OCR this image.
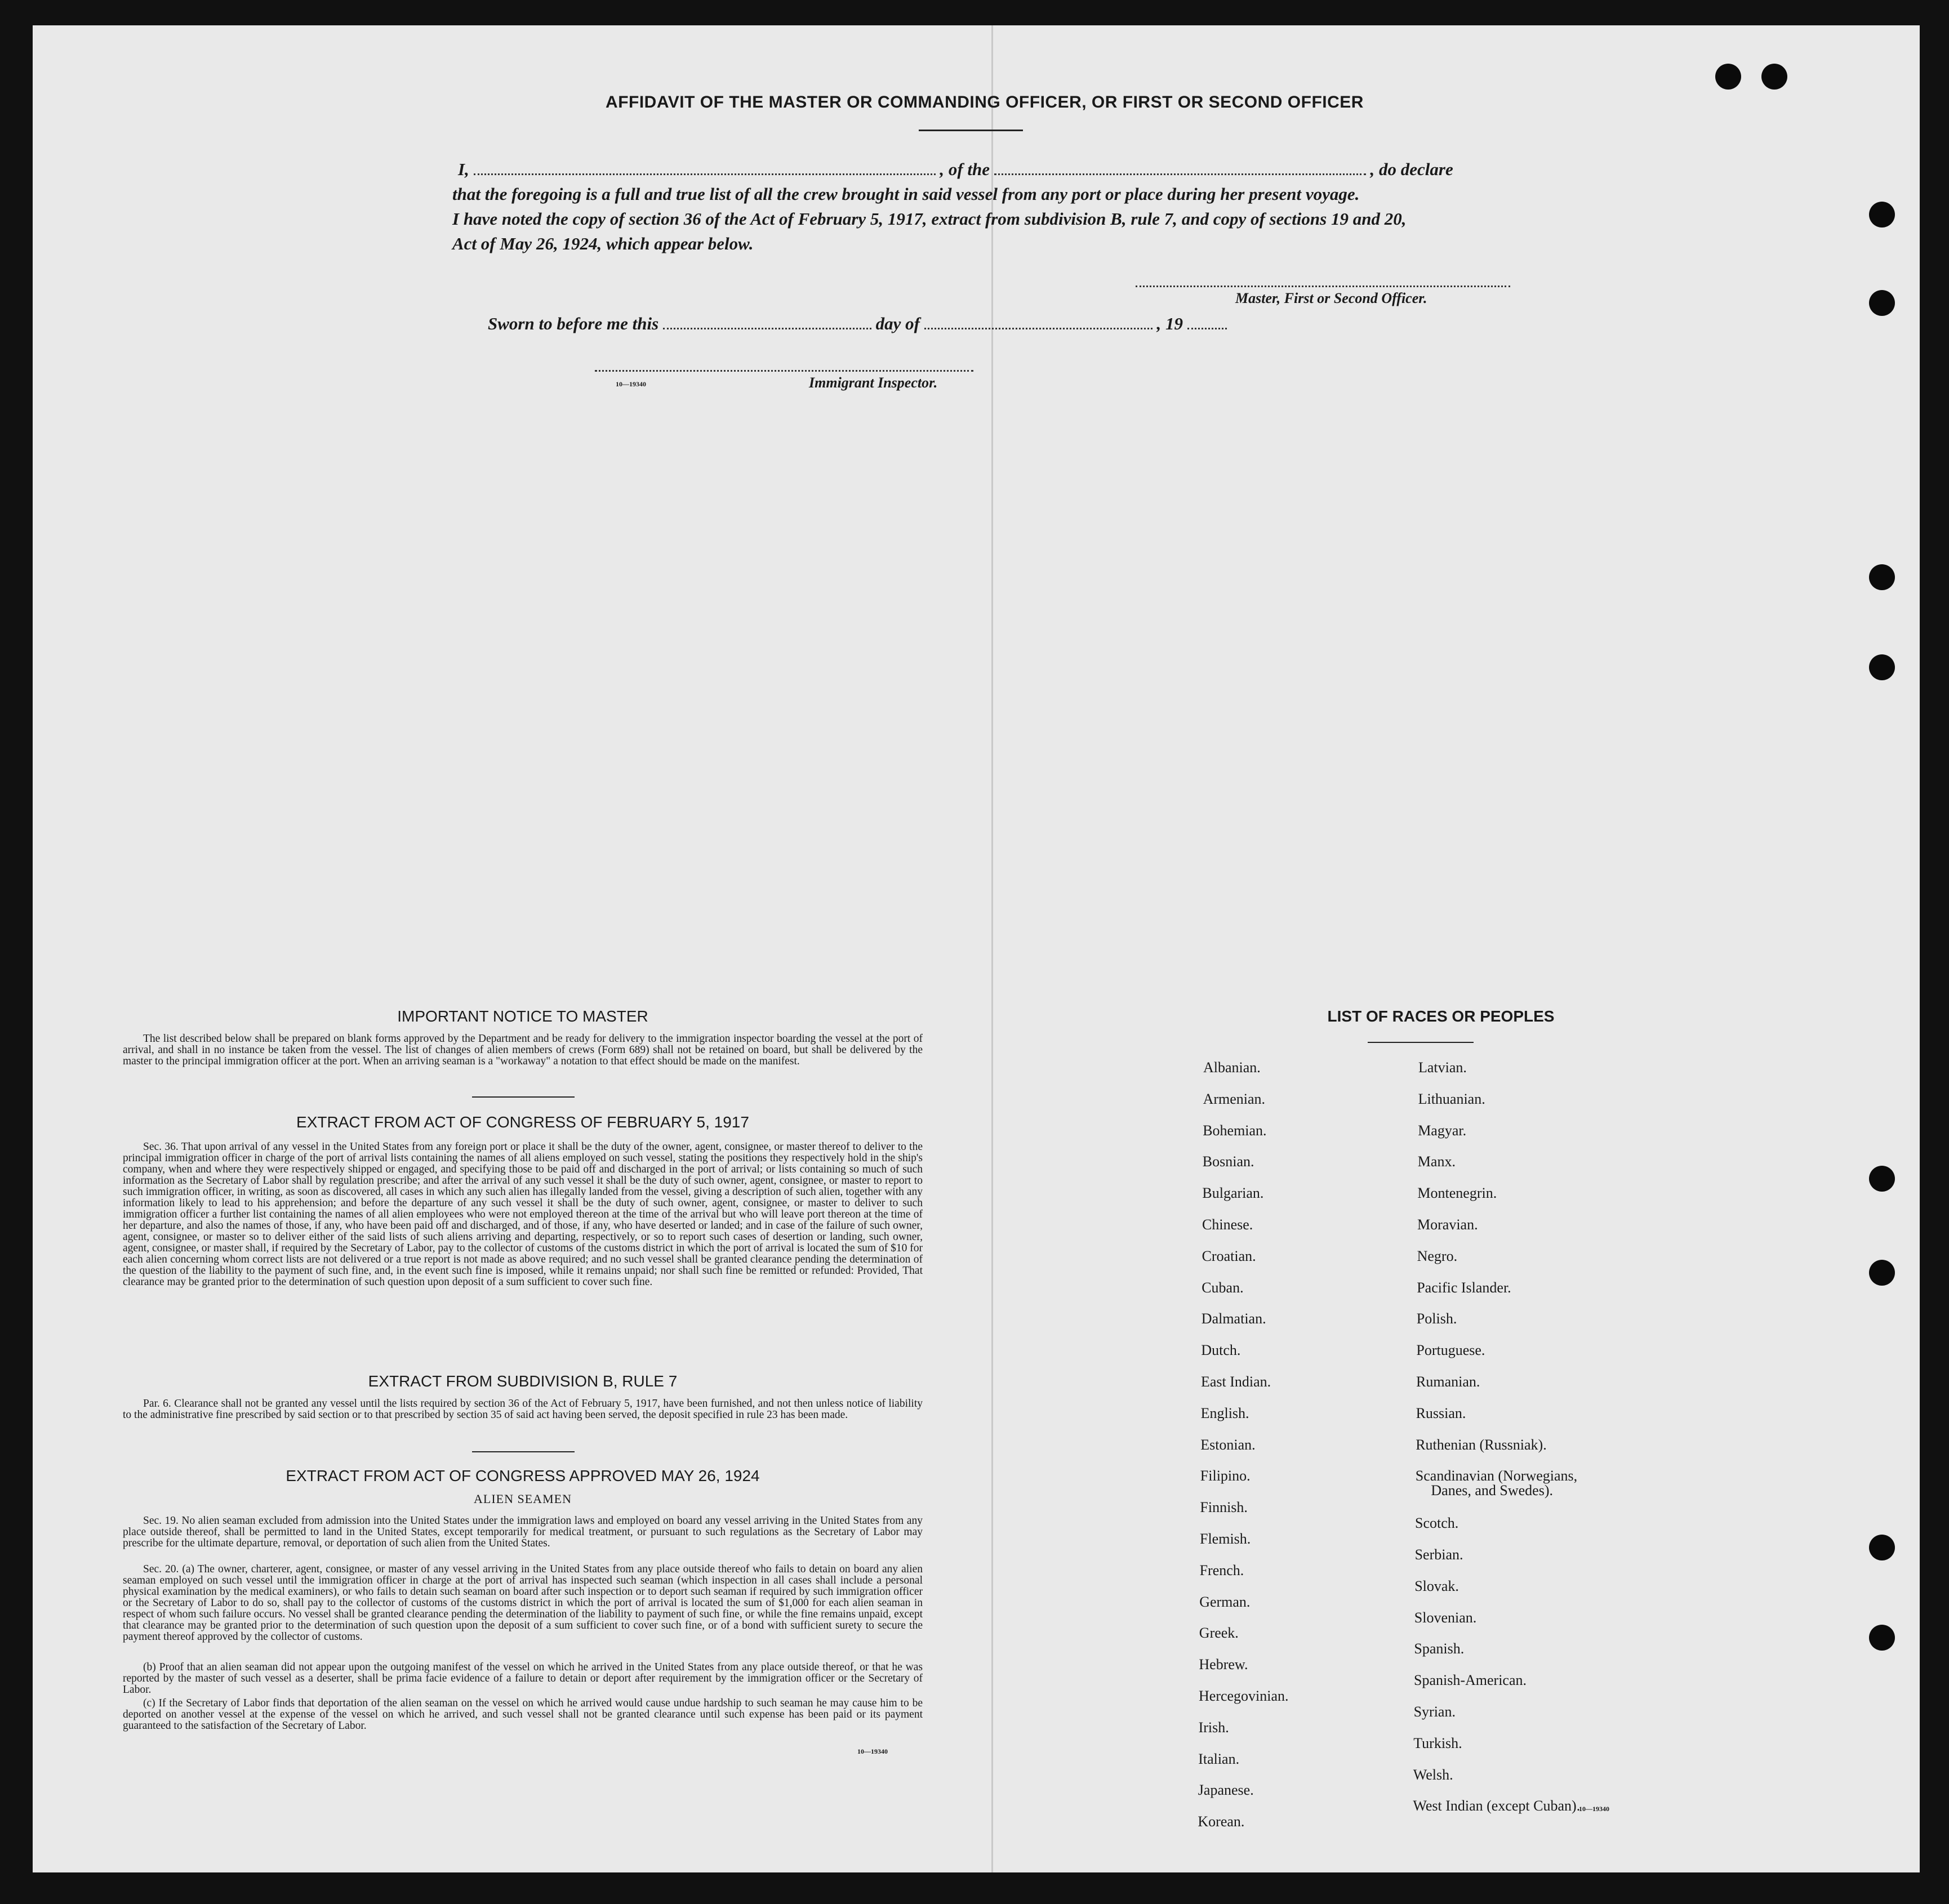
AFFIDAVIT OF THE MASTER OR COMMANDING OFFICER, OR FIRST OR SECOND OFFICER
I,	, of the	, do declare
that the foregoing is a full and true list of all the crew brought in said vessel from any port or place during her present voyage.
I have noted the copy of section 36 of the Act of February 5, 1917, extract from subdivision B, rule 7, and copy of sections 19 and 20,
Act of May 26, 1924, which appear below.
Master, First or Second Officer.
Sworn to before me this	day of	, 19
10—19340	Immigrant Inspector.
IMPORTANT NOTICE TO MASTER
The list described below shall be prepared on blank forms approved by the Department and be ready for delivery to the immigration inspector boarding the vessel at the port of arrival, and shall in no instance be taken from the vessel. The list of changes of alien members of crews (Form 689) shall not be retained on board, but shall be delivered by the master to the principal immigration officer at the port. When an arriving seaman is a "workaway" a notation to that effect should be made on the manifest.
EXTRACT FROM ACT OF CONGRESS OF FEBRUARY 5, 1917
Sec. 36. That upon arrival of any vessel in the United States from any foreign port or place it shall be the duty of the owner, agent, consignee, or master thereof to deliver to the principal immigration officer in charge of the port of arrival lists containing the names of all aliens employed on such vessel, stating the positions they respectively hold in the ship's company, when and where they were respectively shipped or engaged, and specifying those to be paid off and discharged in the port of arrival; or lists containing so much of such information as the Secretary of Labor shall by regulation prescribe; and after the arrival of any such vessel it shall be the duty of such owner, agent, consignee, or master to report to such immigration officer, in writing, as soon as discovered, all cases in which any such alien has illegally landed from the vessel, giving a description of such alien, together with any information likely to lead to his apprehension; and before the departure of any such vessel it shall be the duty of such owner, agent, consignee, or master to deliver to such immigration officer a further list containing the names of all alien employees who were not employed thereon at the time of the arrival but who will leave port thereon at the time of her departure, and also the names of those, if any, who have been paid off and discharged, and of those, if any, who have deserted or landed; and in case of the failure of such owner, agent, consignee, or master so to deliver either of the said lists of such aliens arriving and departing, respectively, or so to report such cases of desertion or landing, such owner, agent, consignee, or master shall, if required by the Secretary of Labor, pay to the collector of customs of the customs district in which the port of arrival is located the sum of $10 for each alien concerning whom correct lists are not delivered or a true report is not made as above required; and no such vessel shall be granted clearance pending the determination of the question of the liability to the payment of such fine, and, in the event such fine is imposed, while it remains unpaid; nor shall such fine be remitted or refunded: Provided, That clearance may be granted prior to the determination of such question upon deposit of a sum sufficient to cover such fine.
EXTRACT FROM SUBDIVISION B, RULE 7
Par. 6. Clearance shall not be granted any vessel until the lists required by section 36 of the Act of February 5, 1917, have been furnished, and not then unless notice of liability to the administrative fine prescribed by said section or to that prescribed by section 35 of said act having been served, the deposit specified in rule 23 has been made.
EXTRACT FROM ACT OF CONGRESS APPROVED MAY 26, 1924
ALIEN SEAMEN
Sec. 19. No alien seaman excluded from admission into the United States under the immigration laws and employed on board any vessel arriving in the United States from any place outside thereof, shall be permitted to land in the United States, except temporarily for medical treatment, or pursuant to such regulations as the Secretary of Labor may prescribe for the ultimate departure, removal, or deportation of such alien from the United States.
Sec. 20. (a) The owner, charterer, agent, consignee, or master of any vessel arriving in the United States from any place outside thereof who fails to detain on board any alien seaman employed on such vessel until the immigration officer in charge at the port of arrival has inspected such seaman (which inspection in all cases shall include a personal physical examination by the medical examiners), or who fails to detain such seaman on board after such inspection or to deport such seaman if required by such immigration officer or the Secretary of Labor to do so, shall pay to the collector of customs of the customs district in which the port of arrival is located the sum of $1,000 for each alien seaman in respect of whom such failure occurs. No vessel shall be granted clearance pending the determination of the liability to payment of such fine, or while the fine remains unpaid, except that clearance may be granted prior to the determination of such question upon the deposit of a sum sufficient to cover such fine, or of a bond with sufficient surety to secure the payment thereof approved by the collector of customs.
(b) Proof that an alien seaman did not appear upon the outgoing manifest of the vessel on which he arrived in the United States from any place outside thereof, or that he was reported by the master of such vessel as a deserter, shall be prima facie evidence of a failure to detain or deport after requirement by the immigration officer or the Secretary of Labor.
(c) If the Secretary of Labor finds that deportation of the alien seaman on the vessel on which he arrived would cause undue hardship to such seaman he may cause him to be deported on another vessel at the expense of the vessel on which he arrived, and such vessel shall not be granted clearance until such expense has been paid or its payment guaranteed to the satisfaction of the Secretary of Labor.
10—19340
LIST OF RACES OR PEOPLES
Albanian.
Armenian.
Bohemian.
Bosnian.
Bulgarian.
Chinese.
Croatian.
Cuban.
Dalmatian.
Dutch.
East Indian.
English.
Estonian.
Filipino.
Finnish.
Flemish.
French.
German.
Greek.
Hebrew.
Hercegovinian.
Irish.
Italian.
Japanese.
Korean.
Latvian.
Lithuanian.
Magyar.
Manx.
Montenegrin.
Moravian.
Negro.
Pacific Islander.
Polish.
Portuguese.
Rumanian.
Russian.
Ruthenian (Russniak).
Scandinavian (Norwegians,
Danes, and Swedes).
Scotch.
Serbian.
Slovak.
Slovenian.
Spanish.
Spanish-American.
Syrian.
Turkish.
Welsh.
West Indian (except Cuban).
10—19340
